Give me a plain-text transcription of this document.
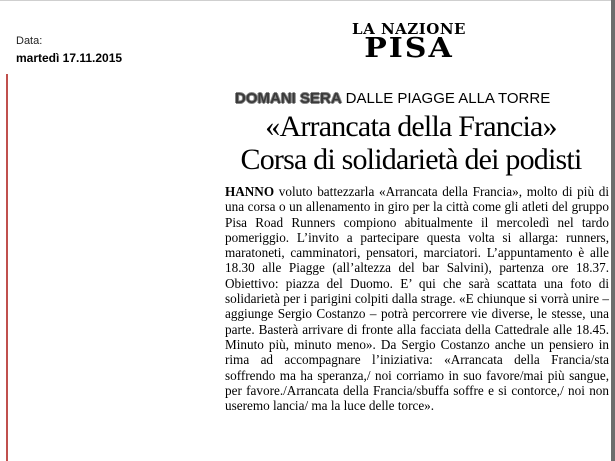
Data:
martedì 17.11.2015
LA NAZIONE
PISA
DOMANI SERA DALLE PIAGGE ALLA TORRE
«Arrancata della Francia»
Corsa di solidarietà dei podisti
HANNO voluto battezzarla «Arrancata della Francia», molto di più di una corsa o un allenamento in giro per la città come gli atleti del gruppo Pisa Road Runners compiono abitualmente il mercoledì nel tardo pomeriggio. L’invito a partecipare questa volta si allarga: runners, maratoneti, camminatori, pensatori, marciatori. L’appuntamento è alle 18.30 alle Piagge (all’altezza del bar Salvini), partenza ore 18.37. Obiettivo: piazza del Duomo. E’ qui che sarà scattata una foto di solidarietà per i parigini colpiti dalla strage. «E chiunque si vorrà unire – aggiunge Sergio Costanzo – potrà percorrere vie diverse, le stesse, una parte. Basterà arrivare di fronte alla facciata della Cattedrale alle 18.45. Minuto più, minuto meno». Da Sergio Costanzo anche un pensiero in rima ad accompagnare l’iniziativa: «Arrancata della Francia/sta soffrendo ma ha speranza,/ noi corriamo in suo favore/mai più sangue, per favore./Arrancata della Francia/sbuffa soffre e si contorce,/ noi non useremo lancia/ ma la luce delle torce».
